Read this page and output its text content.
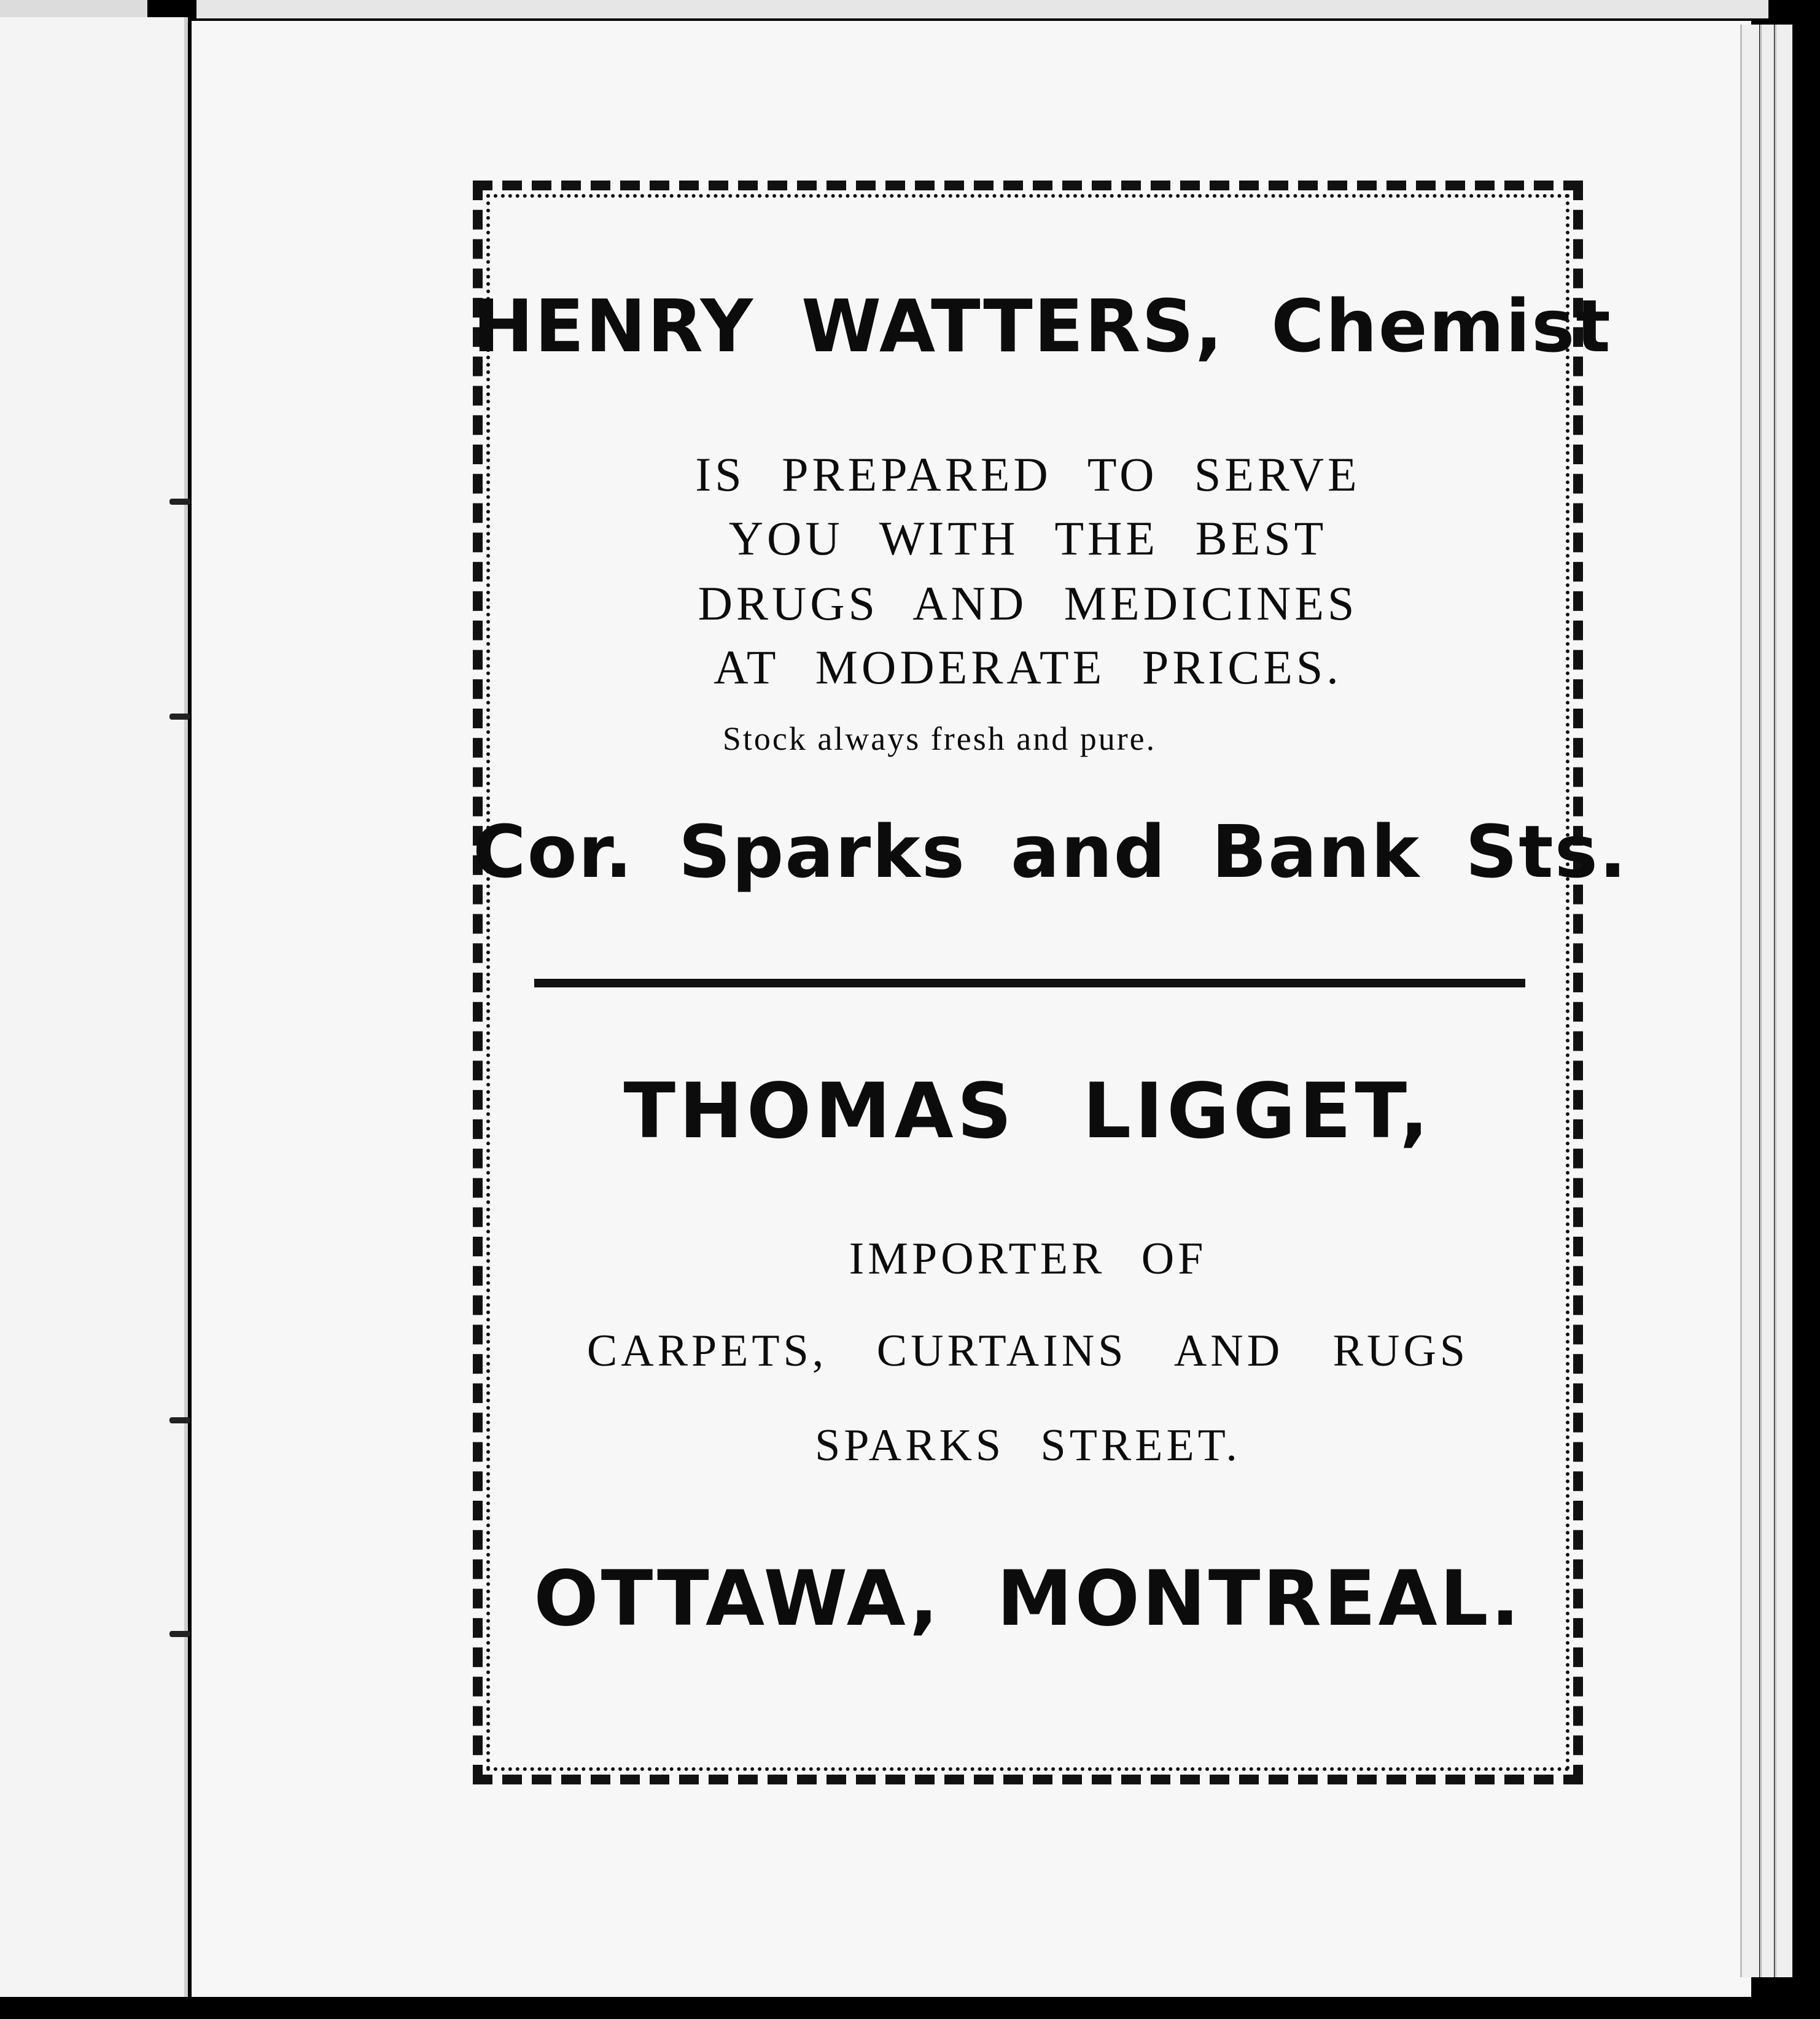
HENRY WATTERS, Chemist
IS PREPARED TO SERVE
YOU WITH THE BEST
DRUGS AND MEDICINES
AT MODERATE PRICES.
Stock always fresh and pure.
Cor. Sparks and Bank Sts.
THOMAS LIGGET,
IMPORTER OF
CARPETS, CURTAINS AND RUGS
SPARKS STREET.
OTTAWA, MONTREAL.
